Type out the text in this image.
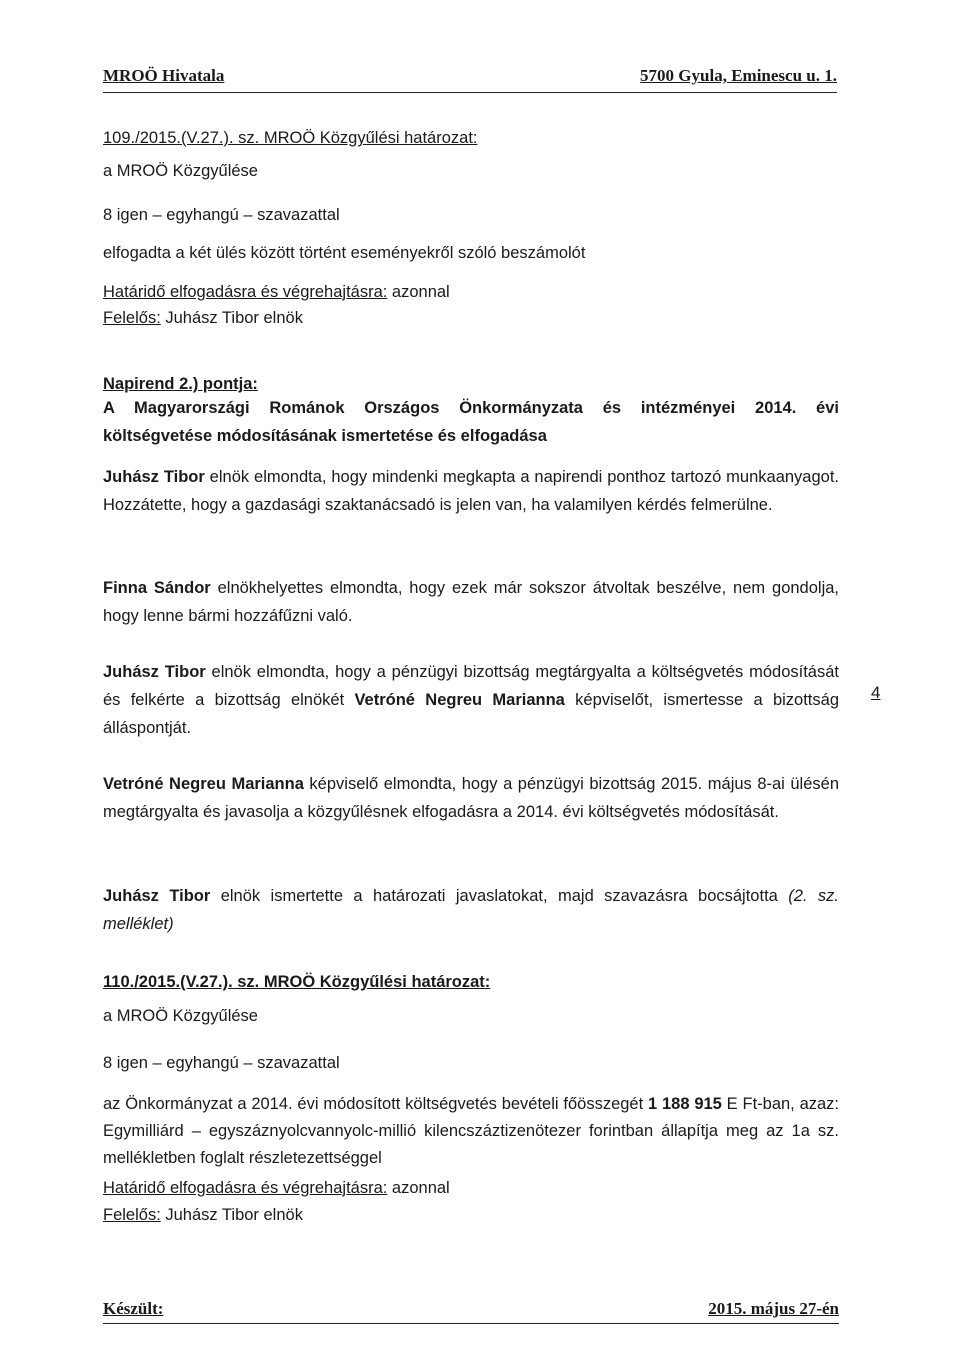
MROÖ Hivatala	5700 Gyula, Eminescu u. 1.
109./2015.(V.27.). sz. MROÖ Közgyűlési határozat:
a MROÖ Közgyűlése
8 igen – egyhangú – szavazattal
elfogadta a két ülés között történt eseményekről szóló beszámolót
Határidő elfogadásra és végrehajtásra: azonnal
Felelős: Juhász Tibor elnök
Napirend 2.) pontja:
A Magyarországi Románok Országos Önkormányzata és intézményei 2014. évi
költségvetése módosításának ismertetése és elfogadása

Juhász Tibor elnök elmondta, hogy mindenki megkapta a napirendi ponthoz tartozó munkaanyagot. Hozzátette, hogy a gazdasági szaktanácsadó is jelen van, ha valamilyen kérdés felmerülne.

Finna Sándor elnökhelyettes elmondta, hogy ezek már sokszor átvoltak beszélve, nem gondolja, hogy lenne bármi hozzáfűzni való.

Juhász Tibor elnök elmondta, hogy a pénzügyi bizottság megtárgyalta a költségvetés módosítását és felkérte a bizottság elnökét Vetróné Negreu Marianna képviselőt, ismertesse a bizottság álláspontját.

4

Vetróné Negreu Marianna képviselő elmondta, hogy a pénzügyi bizottság 2015. május 8-ai ülésén megtárgyalta és javasolja a közgyűlésnek elfogadásra a 2014. évi költségvetés módosítását.

Juhász Tibor elnök ismertette a határozati javaslatokat, majd szavazásra bocsájtotta (2. sz. melléklet)

110./2015.(V.27.). sz. MROÖ Közgyűlési határozat:
a MROÖ Közgyűlése
8 igen – egyhangú – szavazattal

az Önkormányzat a 2014. évi módosított költségvetés bevételi főösszegét 1 188 915 E Ft-ban, azaz: Egymilliárd – egyszáznyolcvannyolc-millió kilencszáztizenötezer forintban állapítja meg az 1a sz. mellékletben foglalt részletezettséggel

Határidő elfogadásra és végrehajtásra: azonnal
Felelős: Juhász Tibor elnök
Készült:	2015. május 27-én
